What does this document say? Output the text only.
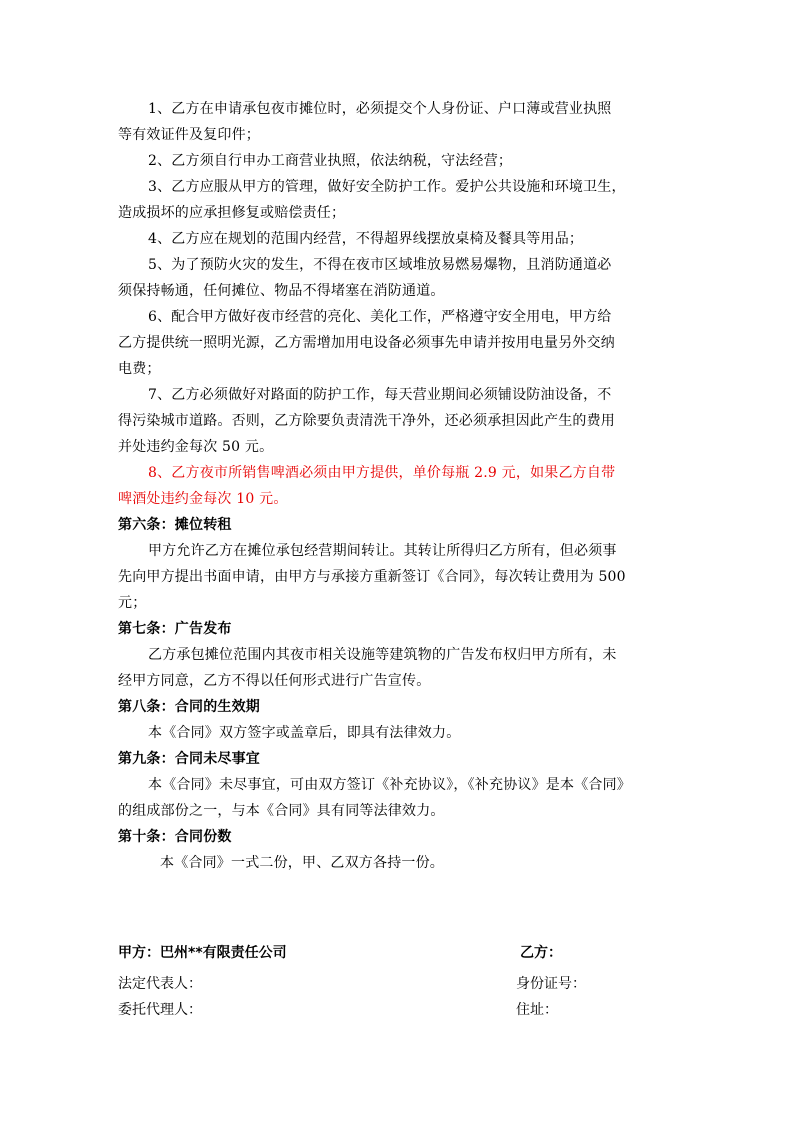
1、乙方在申请承包夜市摊位时，必须提交个人身份证、户口薄或营业执照
等有效证件及复印件；
2、乙方须自行申办工商营业执照，依法纳税，守法经营；
3、乙方应服从甲方的管理，做好安全防护工作。爱护公共设施和环境卫生，
造成损坏的应承担修复或赔偿责任；
4、乙方应在规划的范围内经营，不得超界线摆放桌椅及餐具等用品；
5、为了预防火灾的发生，不得在夜市区域堆放易燃易爆物，且消防通道必
须保持畅通，任何摊位、物品不得堵塞在消防通道。
6、配合甲方做好夜市经营的亮化、美化工作，严格遵守安全用电，甲方给
乙方提供统一照明光源，乙方需增加用电设备必须事先申请并按用电量另外交纳
电费；
7、乙方必须做好对路面的防护工作，每天营业期间必须铺设防油设备，不
得污染城市道路。否则，乙方除要负责清洗干净外，还必须承担因此产生的费用
并处违约金每次 50 元。
8、乙方夜市所销售啤酒必须由甲方提供，单价每瓶 2.9 元，如果乙方自带
啤酒处违约金每次 10 元。
第六条：摊位转租
甲方允许乙方在摊位承包经营期间转让。其转让所得归乙方所有，但必须事
先向甲方提出书面申请，由甲方与承接方重新签订《合同》，每次转让费用为 500
元；
第七条：广告发布
乙方承包摊位范围内其夜市相关设施等建筑物的广告发布权归甲方所有，未
经甲方同意，乙方不得以任何形式进行广告宣传。
第八条：合同的生效期
本《合同》双方签字或盖章后，即具有法律效力。
第九条：合同未尽事宜
本《合同》未尽事宜，可由双方签订《补充协议》，《补充协议》是本《合同》
的组成部份之一，与本《合同》具有同等法律效力。
第十条：合同份数
本《合同》一式二份，甲、乙双方各持一份。
甲方：巴州**有限责任公司	乙方：
法定代表人：	身份证号：
委托代理人：	住址：
